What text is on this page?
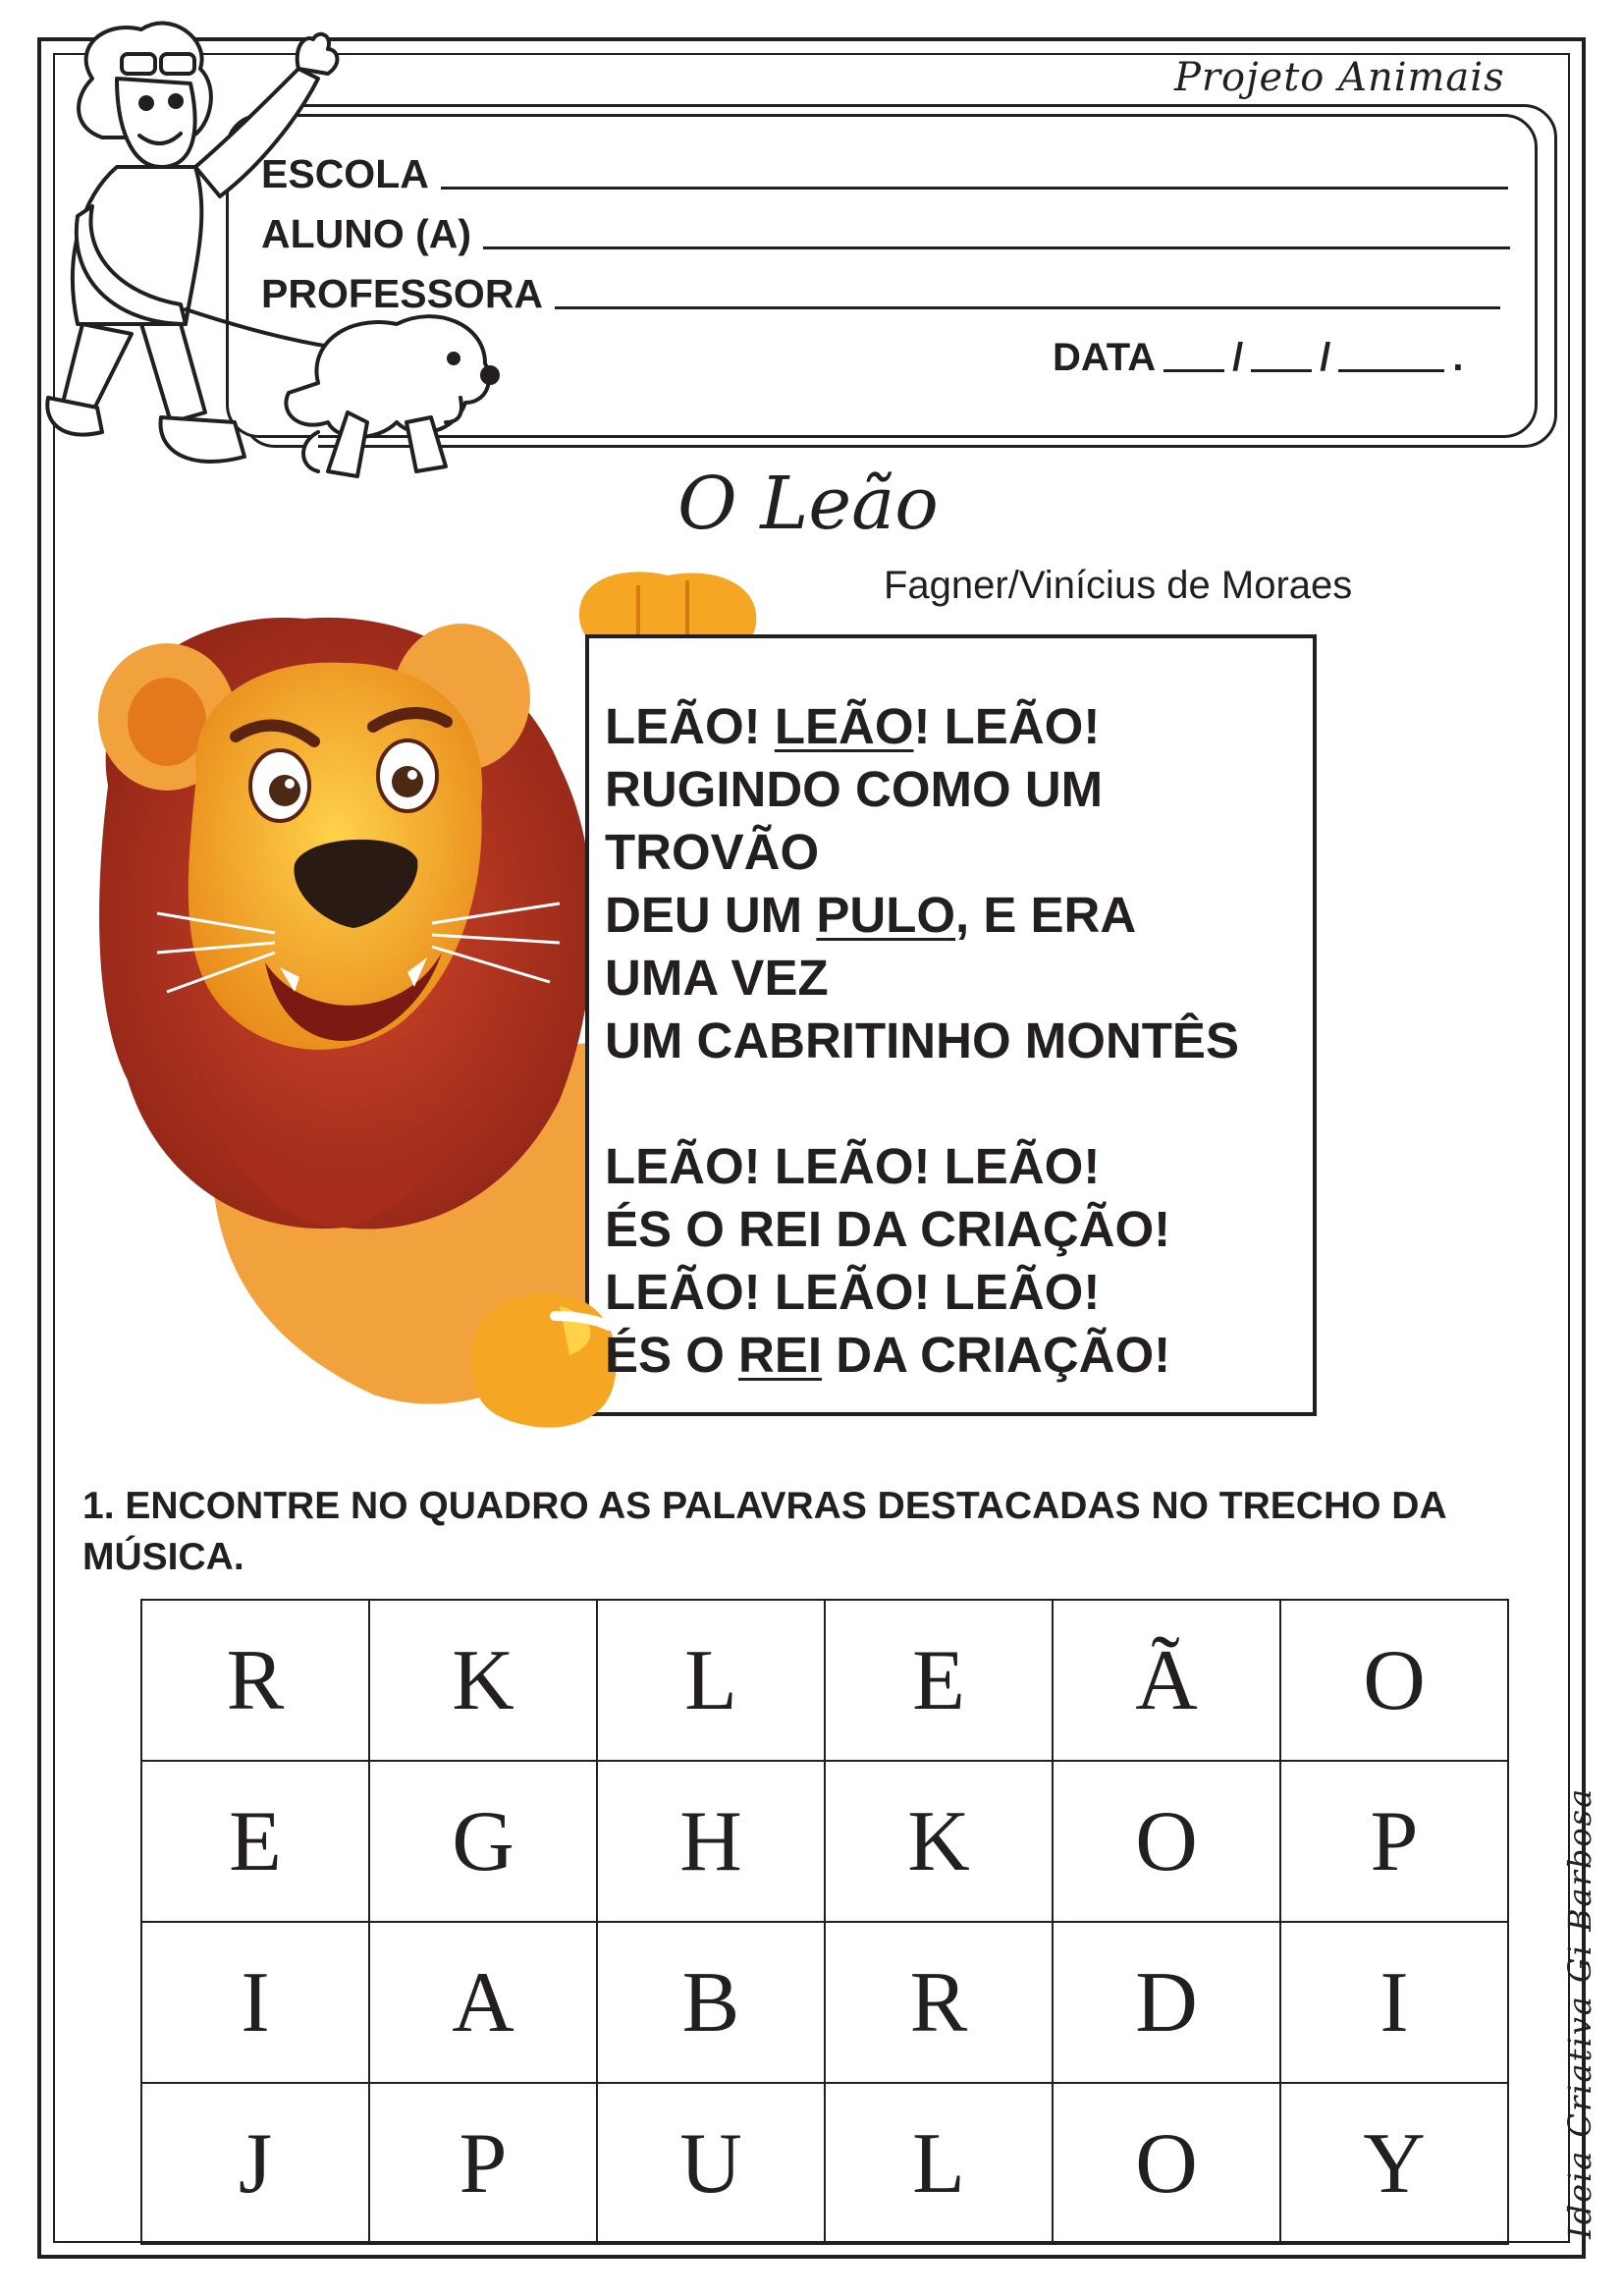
Projeto Animais
ESCOLA
ALUNO (A)
PROFESSORA
DATA / /	.
O Leão
Fagner/Vinícius de Moraes
LEÃO! LEÃO! LEÃO!
RUGINDO COMO UM
TROVÃO
DEU UM PULO, E ERA
UMA VEZ
UM CABRITINHO MONTÊS
LEÃO! LEÃO! LEÃO!
ÉS O REI DA CRIAÇÃO!
LEÃO! LEÃO! LEÃO!
ÉS O REI DA CRIAÇÃO!
1. ENCONTRE NO QUADRO AS PALAVRAS DESTACADAS NO TRECHO DA MÚSICA.
R	K	L	E	Ã	O
E	G	H	K	O	P
I	A	B	R	D	I
J	P	U	L	O	Y	Ideia Criativa Gi Barbosa
